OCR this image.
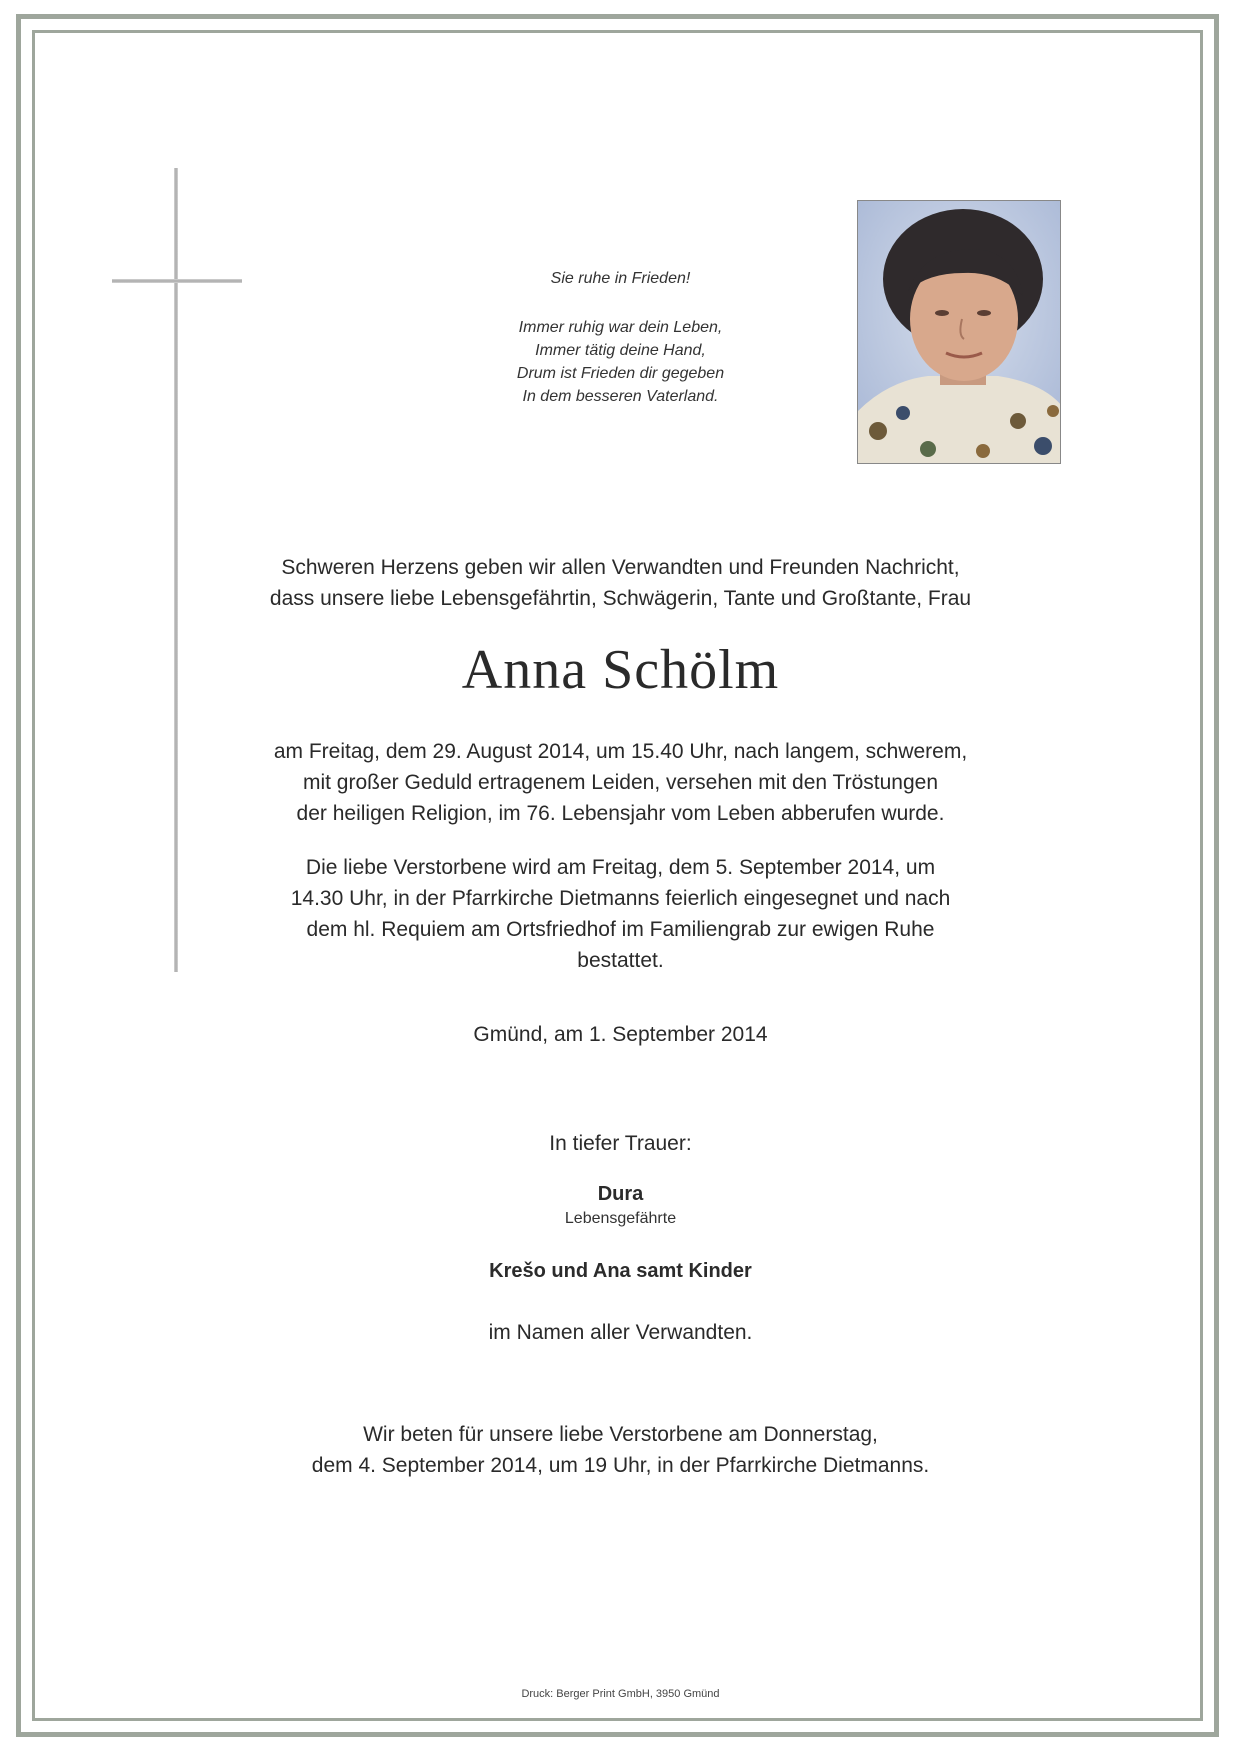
Sie ruhe in Frieden!
Immer ruhig war dein Leben,
Immer tätig deine Hand,
Drum ist Frieden dir gegeben
In dem besseren Vaterland.
Schweren Herzens geben wir allen Verwandten und Freunden Nachricht,
dass unsere liebe Lebensgefährtin, Schwägerin, Tante und Großtante, Frau
Anna Schölm
am Freitag, dem 29. August 2014, um 15.40 Uhr, nach langem, schwerem,
mit großer Geduld ertragenem Leiden, versehen mit den Tröstungen
der heiligen Religion, im 76. Lebensjahr vom Leben abberufen wurde.
Die liebe Verstorbene wird am Freitag, dem 5. September 2014, um
14.30 Uhr, in der Pfarrkirche Dietmanns feierlich eingesegnet und nach
dem hl. Requiem am Ortsfriedhof im Familiengrab zur ewigen Ruhe
bestattet.
Gmünd, am 1. September 2014
In tiefer Trauer:
Dura
Lebensgefährte
Krešo und Ana samt Kinder
im Namen aller Verwandten.
Wir beten für unsere liebe Verstorbene am Donnerstag,
dem 4. September 2014, um 19 Uhr, in der Pfarrkirche Dietmanns.
Druck: Berger Print GmbH, 3950 Gmünd
